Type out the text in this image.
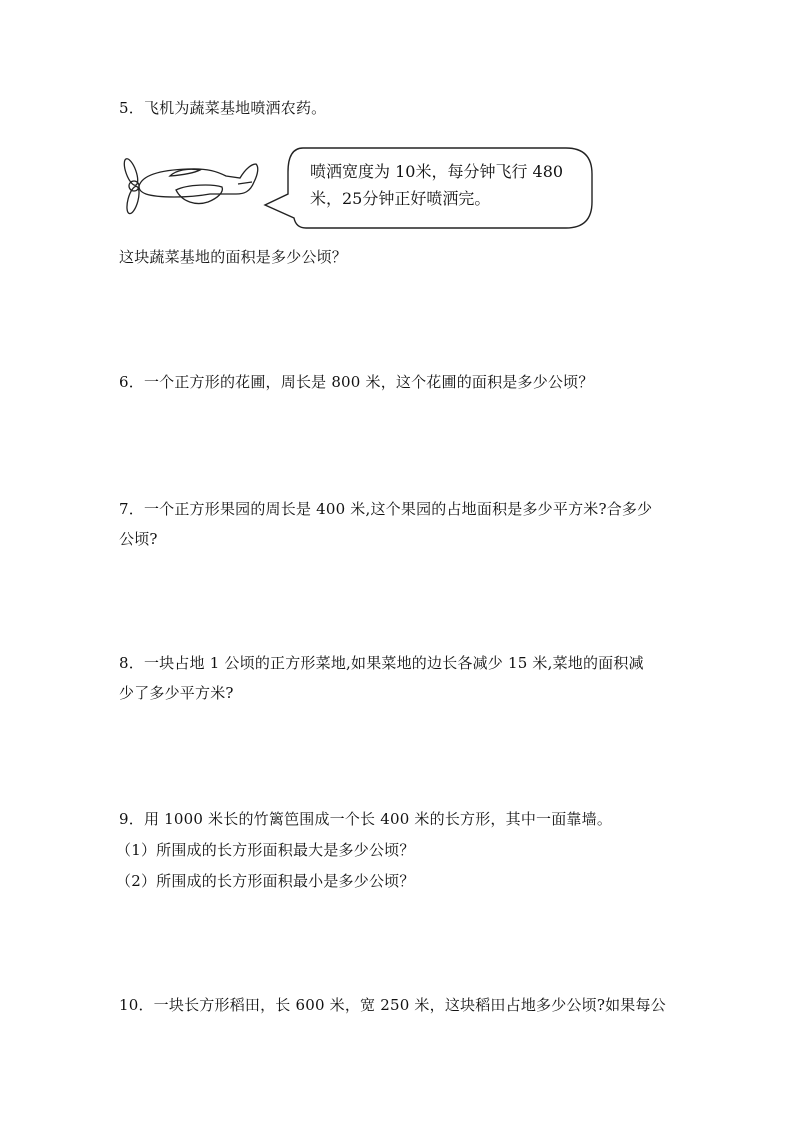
5．飞机为蔬菜基地喷洒农药。
喷洒宽度为 10米，每分钟飞行 480
米，25分钟正好喷洒完。
这块蔬菜基地的面积是多少公顷？
6．一个正方形的花圃，周长是 800 米，这个花圃的面积是多少公顷？
7．一个正方形果园的周长是 400 米,这个果园的占地面积是多少平方米?合多少
公顷?
8．一块占地 1 公顷的正方形菜地,如果菜地的边长各减少 15 米,菜地的面积减
少了多少平方米?
9．用 1000 米长的竹篱笆围成一个长 400 米的长方形，其中一面靠墙。
（1）所围成的长方形面积最大是多少公顷？
（2）所围成的长方形面积最小是多少公顷？
10．一块长方形稻田，长 600 米，宽 250 米，这块稻田占地多少公顷?如果每公
